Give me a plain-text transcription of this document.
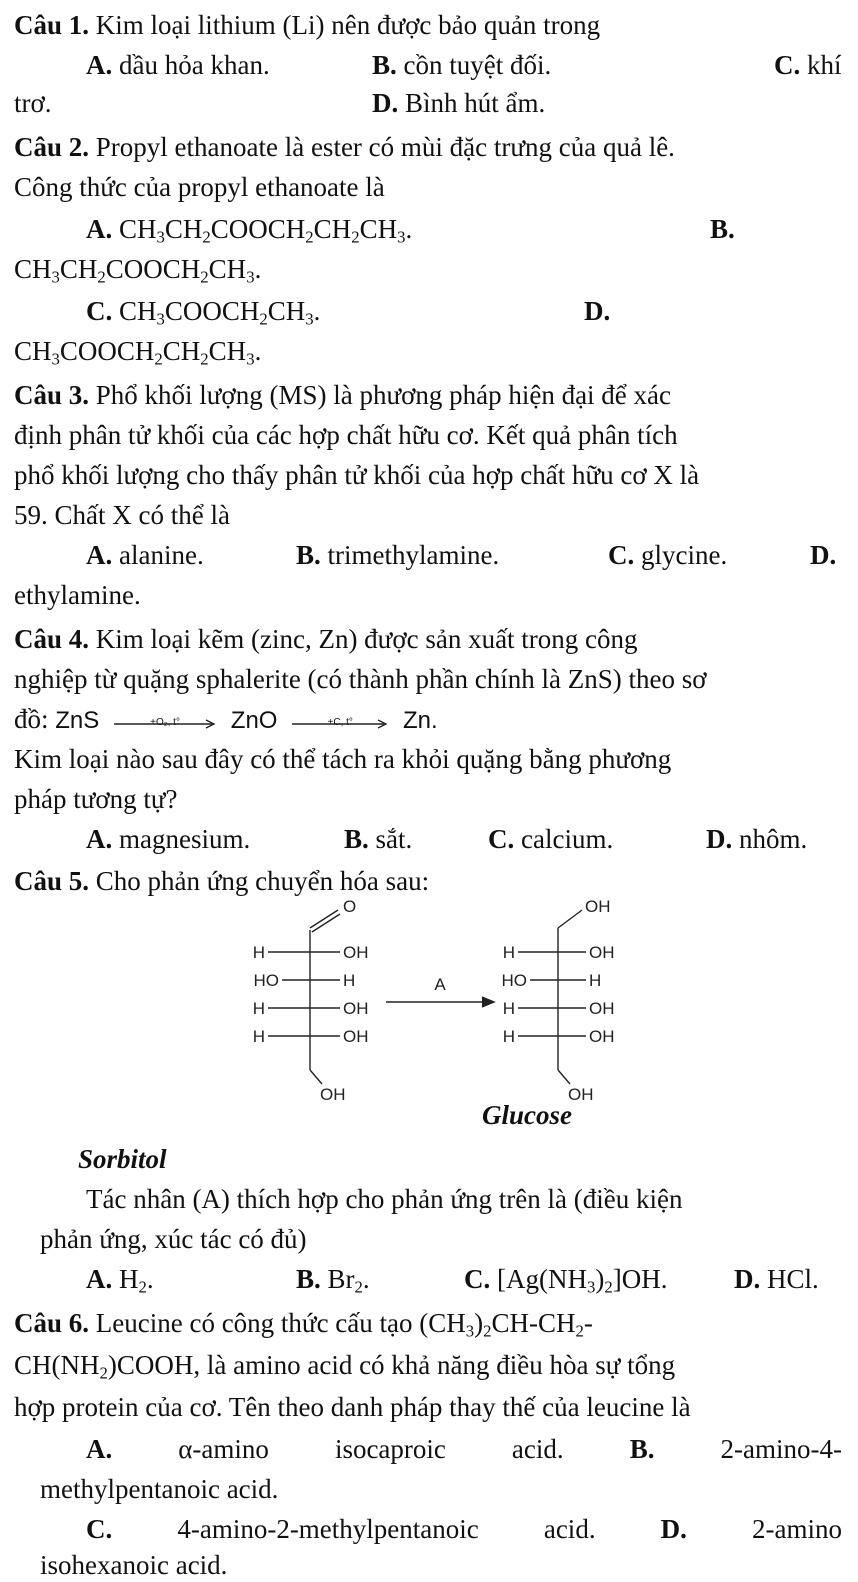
Câu 1. Kim loại lithium (Li) nên được bảo quản trong
A. dầu hỏa khan.	B. cồn tuyệt đối.	C. khí
trơ.	D. Bình hút ẩm.
Câu 2. Propyl ethanoate là ester có mùi đặc trưng của quả lê.
Công thức của propyl ethanoate là
A. $CH_3CH_2COOCH_2CH_2CH_3$.	B.
$CH_3CH_2COOCH_2CH_3$.
C. $CH_3COOCH_2CH_3$.	D.
$CH_3COOCH_2CH_2CH_3$.
Câu 3. Phổ khối lượng (MS) là phương pháp hiện đại để xác
định phân tử khối của các hợp chất hữu cơ. Kết quả phân tích
phổ khối lượng cho thấy phân tử khối của hợp chất hữu cơ X là
59. Chất X có thể là
A. alanine.	B. trimethylamine.	C. glycine.	D.
ethylamine.
Câu 4. Kim loại kẽm (zinc, Zn) được sản xuất trong công
nghiệp từ quặng sphalerite (có thành phần chính là ZnS) theo sơ
đồ: ZnS	+O₂, t°	ZnO	+C, t°	Zn.
Kim loại nào sau đây có thể tách ra khỏi quặng bằng phương
pháp tương tự?
A. magnesium.	B. sắt.	C. calcium.	D. nhôm.
Câu 5. Cho phản ứng chuyển hóa sau:
O
OH
H	OH
HO	H
H	OH
H	OH
A
OH
OH
H	OH
HO	H
H	OH
H	OH
Glucose
Sorbitol
Tác nhân (A) thích hợp cho phản ứng trên là (điều kiện
phản ứng, xúc tác có đủ)
A. $H_2$.	B. $Br_2$.	C. $[Ag(NH_3)_2]OH$. D. HCl.
Câu 6. Leucine có công thức cấu tạo $(CH_3)_2CH-CH_2-$
$CH(NH_2)COOH$, là amino acid có khả năng điều hòa sự tổng
hợp protein của cơ. Tên theo danh pháp thay thế của leucine là
A. α-amino isocaproic acid. B. 2-amino-4-
methylpentanoic acid.
C. 4-amino-2-methylpentanoic acid. D. 2-amino
isohexanoic acid.
